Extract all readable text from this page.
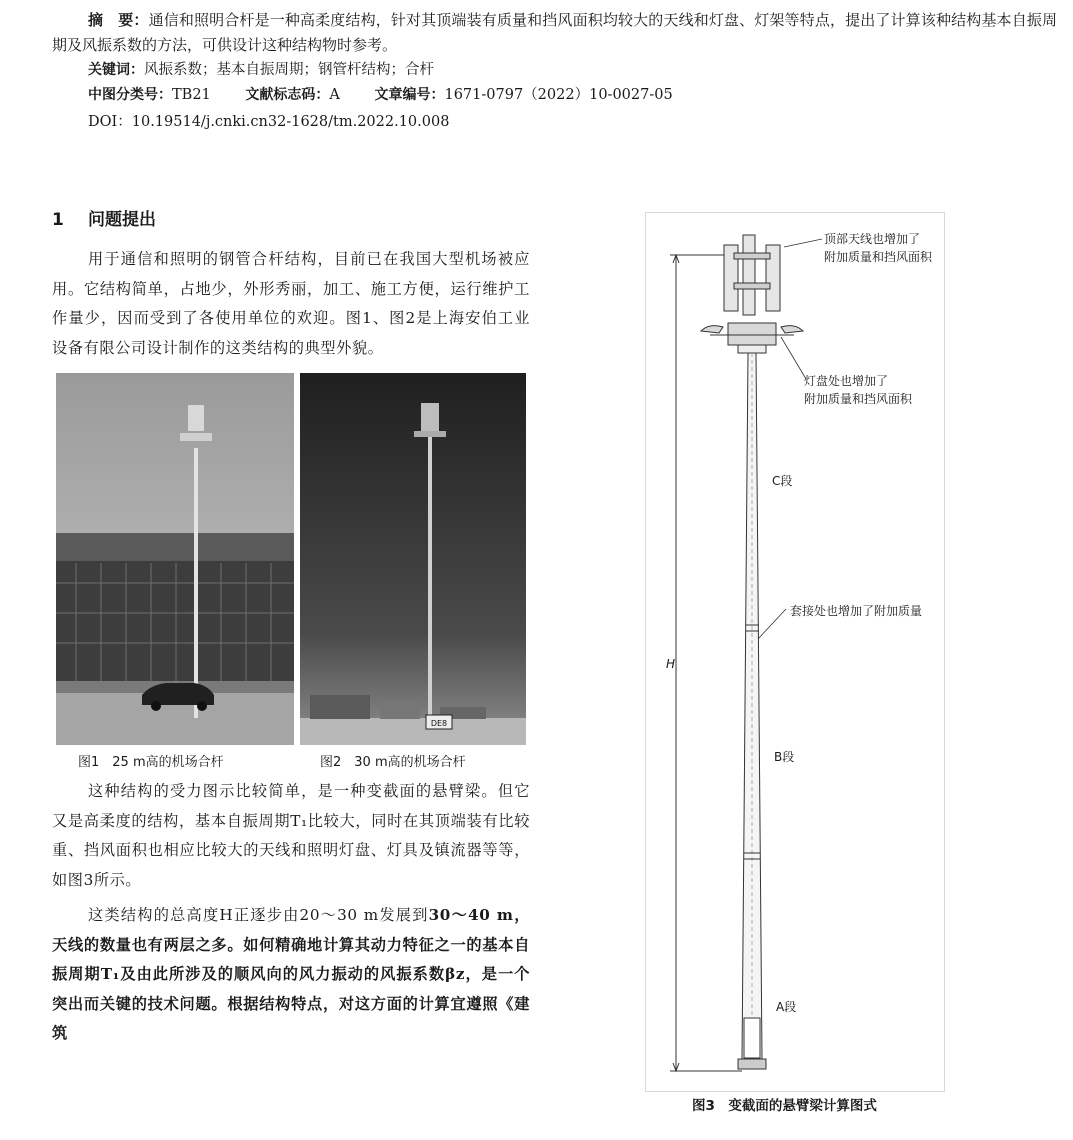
摘　要：通信和照明合杆是一种高柔度结构，针对其顶端装有质量和挡风面积均较大的天线和灯盘、灯架等特点，提出了计算该种结构基本自振周期及风振系数的方法，可供设计这种结构物时参考。

关键词：风振系数；基本自振周期；钢管杆结构；合杆

中图分类号：TB21 文献标志码：A 文章编号：1671-0797（2022）10-0027-05

DOI：10.19514/j.cnki.cn32-1628/tm.2022.10.008

1 问题提出

用于通信和照明的钢管合杆结构，目前已在我国大型机场被应用。它结构简单，占地少，外形秀丽，加工、施工方便，运行维护工作量少，因而受到了各使用单位的欢迎。图1、图2是上海安伯工业设备有限公司设计制作的这类结构的典型外貌。

DE8
图1　25 m高的机场合杆	图2　30 m高的机场合杆

这种结构的受力图示比较简单，是一种变截面的悬臂梁。但它又是高柔度的结构，基本自振周期T₁比较大，同时在其顶端装有比较重、挡风面积也相应比较大的天线和照明灯盘、灯具及镇流器等等，如图3所示。

这类结构的总高度H正逐步由20～30 m发展到30～40 m，天线的数量也有两层之多。如何精确地计算其动力特征之一的基本自振周期T₁及由此所涉及的顺风向的风力振动的风振系数βz，是一个突出而关键的技术问题。根据结构特点，对这方面的计算宜遵照《建筑

H
顶部天线也增加了
附加质量和挡风面积
灯盘处也增加了
附加质量和挡风面积
套接处也增加了附加质量
C段
B段
A段
图3　变截面的悬臂梁计算图式
